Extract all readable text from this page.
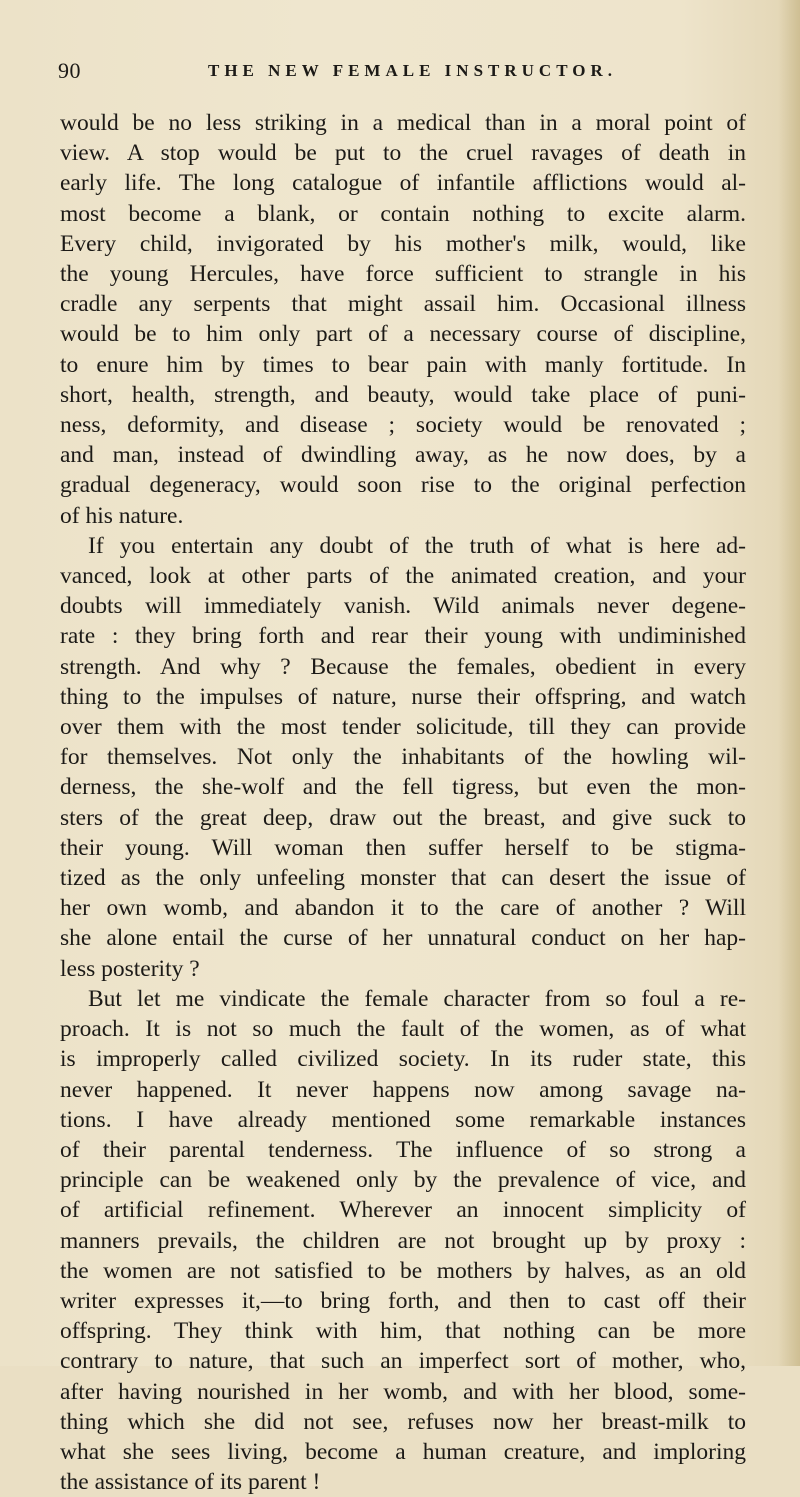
90	THE NEW FEMALE INSTRUCTOR.
would be no less striking in a medical than in a moral point of
view. A stop would be put to the cruel ravages of death in
early life. The long catalogue of infantile afflictions would al-
most become a blank, or contain nothing to excite alarm.
Every child, invigorated by his mother's milk, would, like
the young Hercules, have force sufficient to strangle in his
cradle any serpents that might assail him. Occasional illness
would be to him only part of a necessary course of discipline,
to enure him by times to bear pain with manly fortitude. In
short, health, strength, and beauty, would take place of puni-
ness, deformity, and disease ; society would be renovated ;
and man, instead of dwindling away, as he now does, by a
gradual degeneracy, would soon rise to the original perfection
of his nature.
If you entertain any doubt of the truth of what is here ad-
vanced, look at other parts of the animated creation, and your
doubts will immediately vanish. Wild animals never degene-
rate : they bring forth and rear their young with undiminished
strength. And why ? Because the females, obedient in every
thing to the impulses of nature, nurse their offspring, and watch
over them with the most tender solicitude, till they can provide
for themselves. Not only the inhabitants of the howling wil-
derness, the she-wolf and the fell tigress, but even the mon-
sters of the great deep, draw out the breast, and give suck to
their young. Will woman then suffer herself to be stigma-
tized as the only unfeeling monster that can desert the issue of
her own womb, and abandon it to the care of another ? Will
she alone entail the curse of her unnatural conduct on her hap-
less posterity ?
But let me vindicate the female character from so foul a re-
proach. It is not so much the fault of the women, as of what
is improperly called civilized society. In its ruder state, this
never happened. It never happens now among savage na-
tions. I have already mentioned some remarkable instances
of their parental tenderness. The influence of so strong a
principle can be weakened only by the prevalence of vice, and
of artificial refinement. Wherever an innocent simplicity of
manners prevails, the children are not brought up by proxy :
the women are not satisfied to be mothers by halves, as an old
writer expresses it,—to bring forth, and then to cast off their
offspring. They think with him, that nothing can be more
contrary to nature, that such an imperfect sort of mother, who,
after having nourished in her womb, and with her blood, some-
thing which she did not see, refuses now her breast-milk to
what she sees living, become a human creature, and imploring
the assistance of its parent !
